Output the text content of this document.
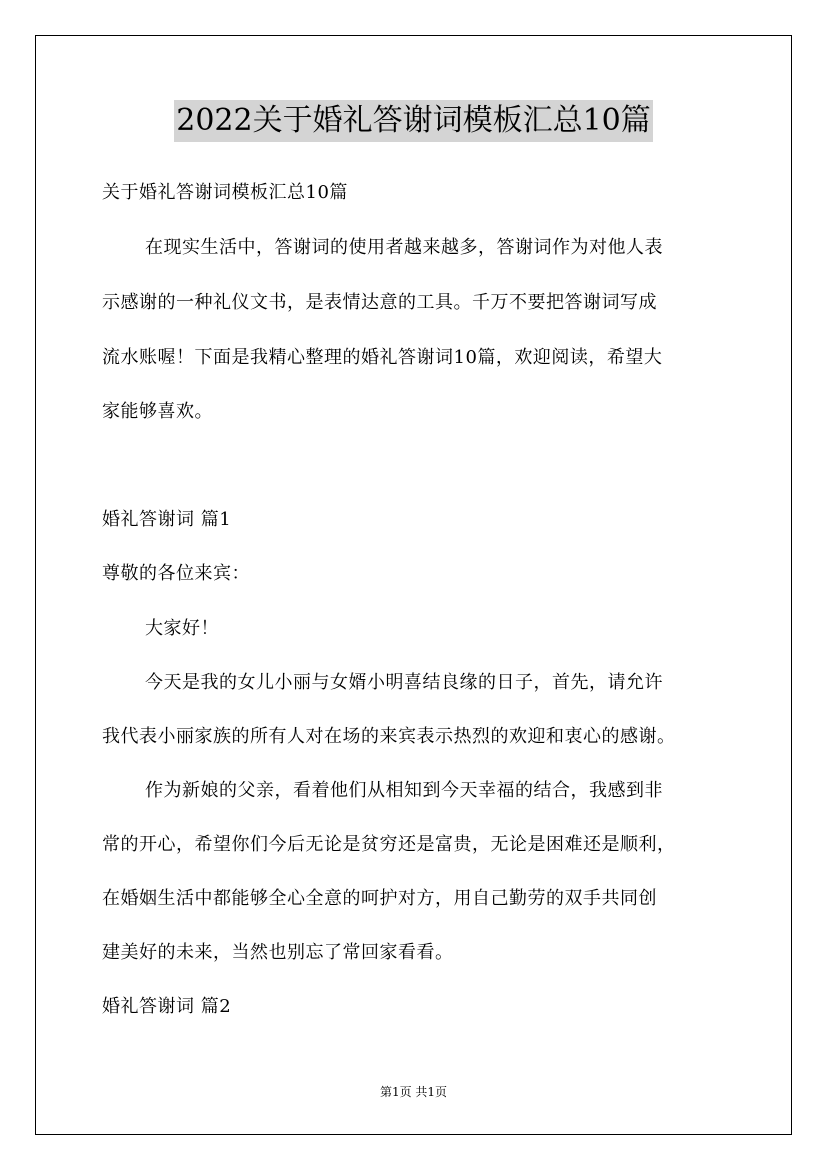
2022关于婚礼答谢词模板汇总10篇
关于婚礼答谢词模板汇总10篇
在现实生活中，答谢词的使用者越来越多，答谢词作为对他人表
示感谢的一种礼仪文书，是表情达意的工具。千万不要把答谢词写成
流水账喔！下面是我精心整理的婚礼答谢词10篇，欢迎阅读，希望大
家能够喜欢。
婚礼答谢词 篇1
尊敬的各位来宾：
大家好！
今天是我的女儿小丽与女婿小明喜结良缘的日子，首先，请允许
我代表小丽家族的所有人对在场的来宾表示热烈的欢迎和衷心的感谢。
作为新娘的父亲，看着他们从相知到今天幸福的结合，我感到非
常的开心，希望你们今后无论是贫穷还是富贵，无论是困难还是顺利，
在婚姻生活中都能够全心全意的呵护对方，用自己勤劳的双手共同创
建美好的未来，当然也别忘了常回家看看。
婚礼答谢词 篇2
第1页 共1页
